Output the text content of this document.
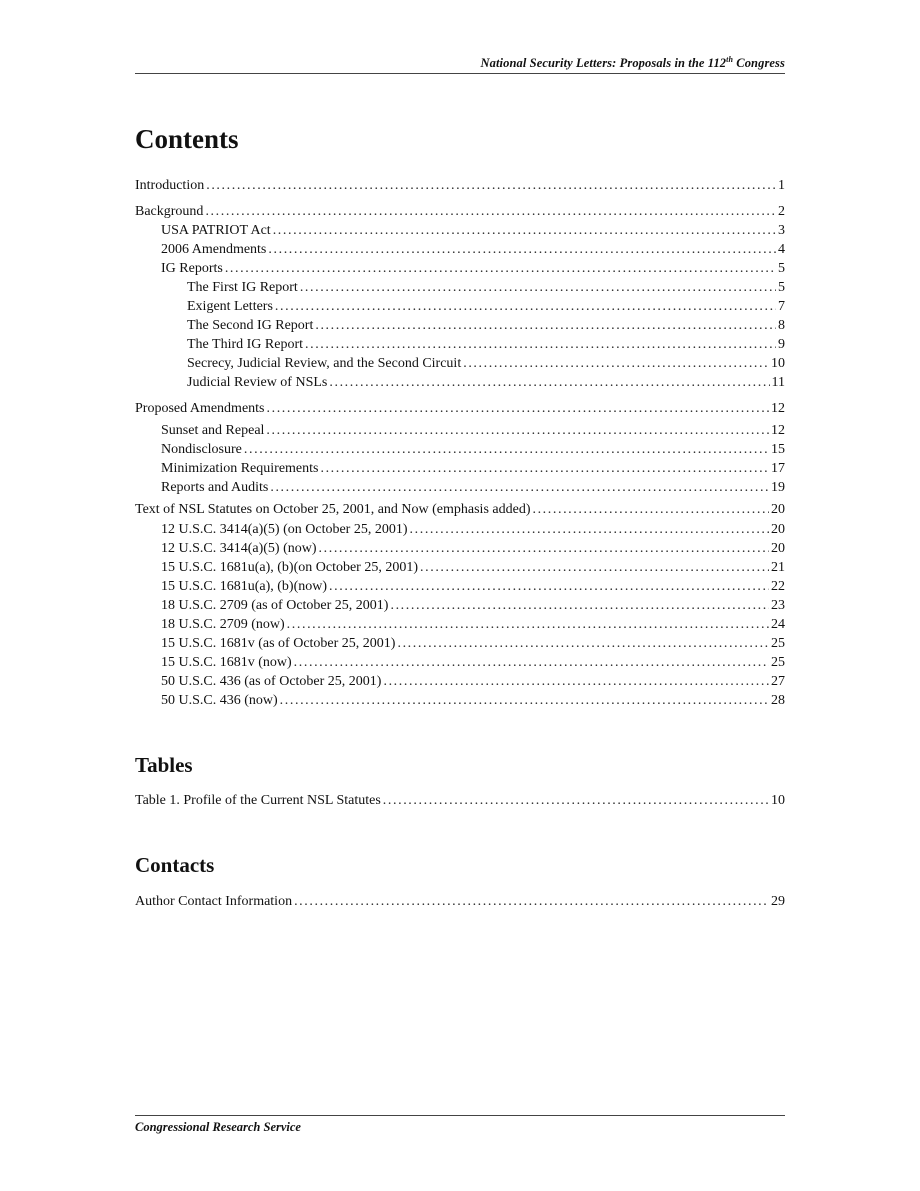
National Security Letters: Proposals in the 112th Congress
Contents
Introduction .....	1
Background .....	2
USA PATRIOT Act .....	3
2006 Amendments .....	4
IG Reports .....	5
The First IG Report .....	5
Exigent Letters .....	7
The Second IG Report .....	8
The Third IG Report .....	9
Secrecy, Judicial Review, and the Second Circuit .....	10
Judicial Review of NSLs .....	11
Proposed Amendments .....	12
Sunset and Repeal .....	12
Nondisclosure .....	15
Minimization Requirements .....	17
Reports and Audits .....	19
Text of NSL Statutes on October 25, 2001, and Now (emphasis added) .....	20
12 U.S.C. 3414(a)(5) (on October 25, 2001) .....	20
12 U.S.C. 3414(a)(5) (now) .....	20
15 U.S.C. 1681u(a), (b)(on October 25, 2001) .....	21
15 U.S.C. 1681u(a), (b)(now) .....	22
18 U.S.C. 2709 (as of October 25, 2001) .....	23
18 U.S.C. 2709 (now) .....	24
15 U.S.C. 1681v (as of October 25, 2001) .....	25
15 U.S.C. 1681v (now) .....	25
50 U.S.C. 436 (as of October 25, 2001) .....	27
50 U.S.C. 436 (now) .....	28
Tables
Table 1. Profile of the Current NSL Statutes .....	10
Contacts
Author Contact Information .....	29
Congressional Research Service
